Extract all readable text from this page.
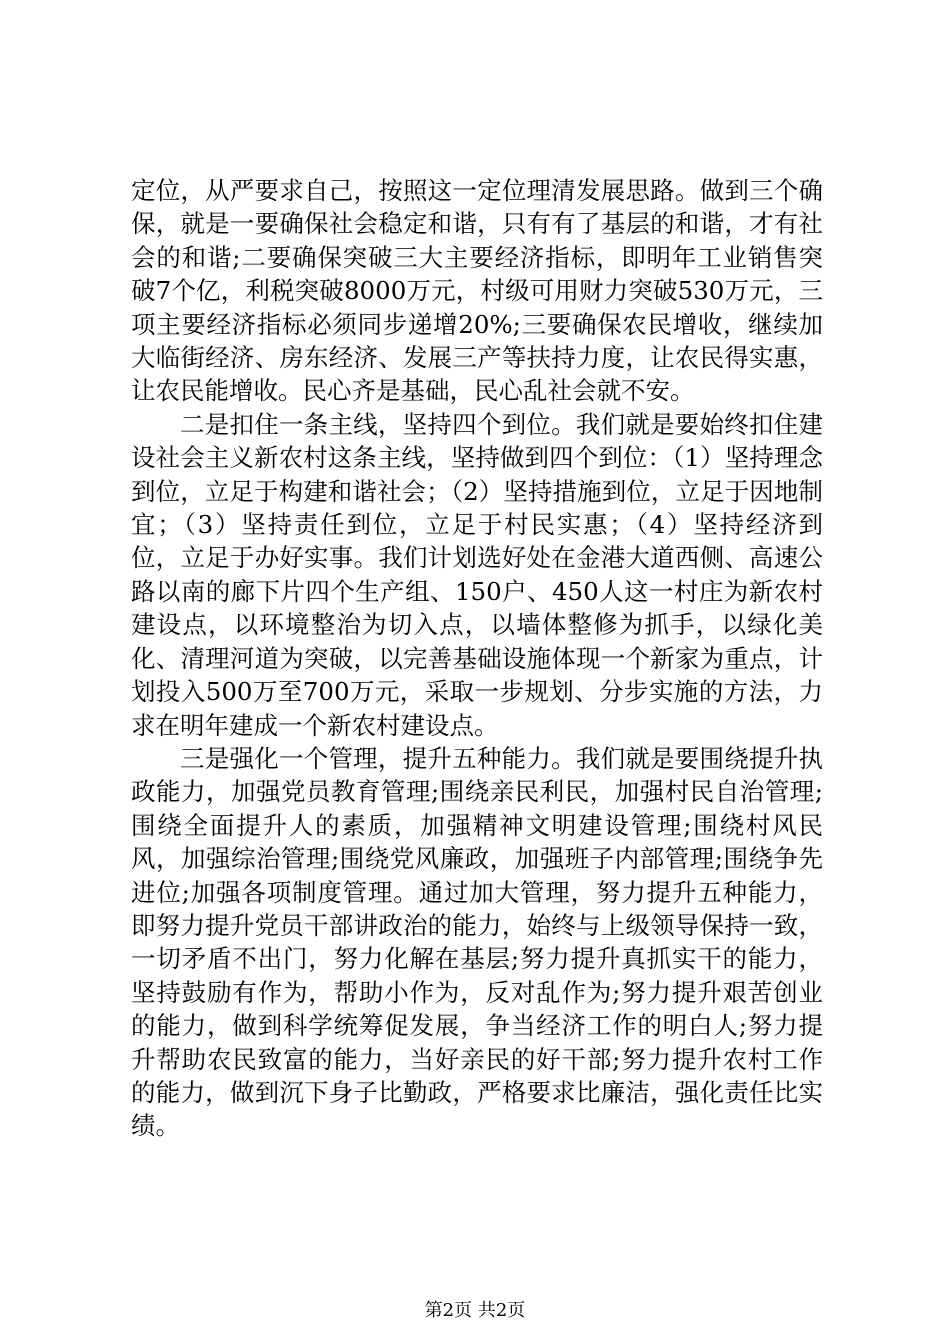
定位，从严要求自己，按照这一定位理清发展思路。做到三个确保，就是一要确保社会稳定和谐，只有有了基层的和谐，才有社会的和谐;二要确保突破三大主要经济指标，即明年工业销售突破7个亿，利税突破8000万元，村级可用财力突破530万元，三项主要经济指标必须同步递增20%;三要确保农民增收，继续加大临街经济、房东经济、发展三产等扶持力度，让农民得实惠，让农民能增收。民心齐是基础，民心乱社会就不安。

二是扣住一条主线，坚持四个到位。我们就是要始终扣住建设社会主义新农村这条主线，坚持做到四个到位：（1）坚持理念到位，立足于构建和谐社会；（2）坚持措施到位，立足于因地制宜；（3）坚持责任到位，立足于村民实惠；（4）坚持经济到位，立足于办好实事。我们计划选好处在金港大道西侧、高速公路以南的廊下片四个生产组、150户、450人这一村庄为新农村建设点，以环境整治为切入点，以墙体整修为抓手，以绿化美化、清理河道为突破，以完善基础设施体现一个新家为重点，计划投入500万至700万元，采取一步规划、分步实施的方法，力求在明年建成一个新农村建设点。

三是强化一个管理，提升五种能力。我们就是要围绕提升执政能力，加强党员教育管理;围绕亲民利民，加强村民自治管理;围绕全面提升人的素质，加强精神文明建设管理;围绕村风民风，加强综治管理;围绕党风廉政，加强班子内部管理;围绕争先进位;加强各项制度管理。通过加大管理，努力提升五种能力，即努力提升党员干部讲政治的能力，始终与上级领导保持一致，一切矛盾不出门，努力化解在基层;努力提升真抓实干的能力，坚持鼓励有作为，帮助小作为，反对乱作为;努力提升艰苦创业的能力，做到科学统筹促发展，争当经济工作的明白人;努力提升帮助农民致富的能力，当好亲民的好干部;努力提升农村工作的能力，做到沉下身子比勤政，严格要求比廉洁，强化责任比实绩。

第2页 共2页
